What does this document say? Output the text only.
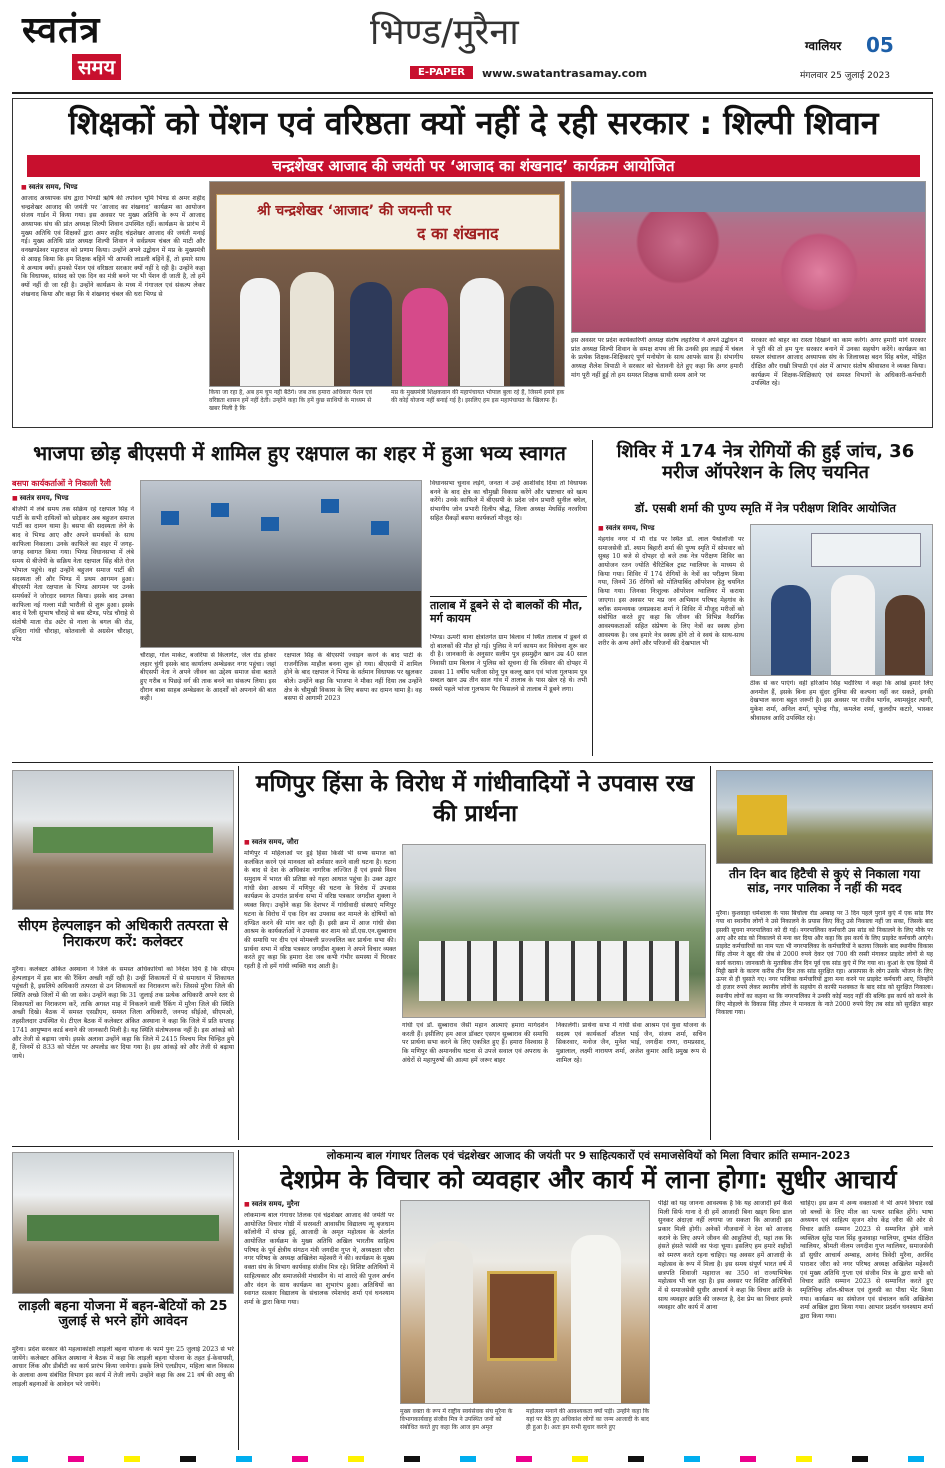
स्वतंत्र
समय
भिण्ड/मुरैना
E-PAPER	www.swatantrasamay.com
ग्वालियर 05
मंगलवार 25 जुलाई 2023
शिक्षकों को पेंशन एवं वरिष्ठता क्यों नहीं दे रही सरकार : शिल्पी शिवान
चन्द्रशेखर आजाद की जयंती पर ‘आजाद का शंखनाद’ कार्यक्रम आयोजित
■ स्वतंत्र समय, भिण्ड
आजाद अध्यापक संघ द्वारा भिण्डी ऋषि की तपोवन भूमि भिण्ड से अमर शहीद चन्द्रशेखर आजाद की जयंती पर ‘आजाद का शंखनाद’ कार्यक्रम का आयोजन संजय गार्डन में किया गया। इस अवसर पर मुख्य अतिथि के रूप में आजाद अध्यापक संघ की प्रांत अध्यक्ष शिल्पी शिवान उपस्थित रहीं। कार्यक्रम के प्रारंभ में मुख्य अतिथि एवं शिक्षकों द्वारा अमर शहीद चंद्रशेखर आजाद की जयंती मनाई गई। मुख्य अतिथि प्रांत अध्यक्ष शिल्पी शिवान ने सर्वप्रथम चंबल की माटी और वनखण्डेश्वर महाराज को प्रणाम किया। उन्होंने अपने उद्बोधन में मप्र के मुख्यमंत्री से आग्रह किया कि हम शिक्षक बहिनें भी आपकी लाडली बहिनें हैं, तो हमारे साथ ये अन्याय क्यों। हमको पेंशन एवं वरिष्ठता सरकार क्यों नहीं दे रही है। उन्होंने कहा कि विधायक, सांसद को एक दिन का मंत्री बनने पर भी पेंशन दी जाती है, तो हमें क्यों नहीं दी जा रही है। उन्होंने कार्यक्रम के मध्य में गंगाजल एवं संकल्प लेकर शंखनाद किया और कहा कि ये शंखनाद चंबल की धरा भिण्ड से
श्री चन्द्रशेखर ‘आजाद’ की जयन्ती पर
द का शंखनाद
किया जा रहा है, अब हम चुप नहीं बैठेंगे। जब तक हमारा अधिकार पेंशन एवं वरिष्ठता शासन हमें नहीं देती। उन्होंने कहा कि हमें कुछ साथियों के माध्यम से खबर मिली है कि
मप्र के मुख्यमंत्री शिक्षकवान की महापंचायत भोपाल बुला रहे हैं, जिसमें हमारे हक की कोई योजना नहीं बनाई गई है। इसलिए हम इस महापंचायत के खिलाफ हैं।
इस अवसर पर प्रदेश कार्यकारिणी अध्यक्ष संतोष लहारिया ने अपने उद्बोधन में प्रांत अध्यक्ष शिल्पी शिवान के समक्ष शपथ ली कि उनकी इस लड़ाई में चंबल के प्रत्येक शिक्षक-शिक्षिकाएं पूर्ण मनोयोग के साथ आपके साथ हैं। संभागीय अध्यक्ष शैलेश त्रिपाठी ने सरकार को चेतावनी देते हुए कहा कि अगर हमारी मांग पूरी नहीं हुई तो हम समस्त शिक्षक साथी समय आने पर
सरकार को बाहर का रास्ता दिखाने का काम करेंगे। अगर हमारी मांगें सरकार ने पूरी की तो हम पुनः सरकार बनाने में उनका सहयोग करेंगे। कार्यक्रम का सफल संचालन आजाद अध्यापक संघ के जिलाध्यक्ष बदन सिंह बघेल, मोहित दीक्षित और राखी त्रिपाठी एवं अंत में आभार संतोष श्रीवास्तव ने व्यक्त किया। कार्यक्रम में शिक्षक-शिक्षिकाएं एवं समस्त विभागों के अधिकारी-कर्मचारी उपस्थित रहे।
भाजपा छोड़ बीएसपी में शामिल हुए रक्षपाल का शहर में हुआ भव्य स्वागत
बसपा कार्यकर्ताओं ने निकाली रैली
■ स्वतंत्र समय, भिण्ड
बीजेपी में लंबे समय तक सक्रिय रहे रक्षपाल सिंह ने पार्टी के सभी दायित्वों को छोड़कर अब बहुजन समाज पार्टी का दामन थामा है। बसपा की सदस्यता लेने के बाद वे भिण्ड आए और अपने समर्थकों के साथ काफिला निकाला। उनके काफिले का शहर में जगह-जगह स्वागत किया गया। भिण्ड विधानसभा में लंबे समय से बीजेपी के सक्रिय नेता रक्षपाल सिंह बीते रोज भोपाल पहुंचे। वहां उन्होंने बहुजन समाज पार्टी की सदस्यता ली और भिण्ड में प्रथम आगमन हुआ। बीएसपी नेता रक्षपाल के भिण्ड आगमन पर उनके समर्थकों ने जोरदार स्वागत किया। इसके बाद उनका काफिला नई गल्ला मंडी भारौली से शुरू हुआ। इसके बाद ये रैली सुभाष चौराहे से बस स्टैण्ड, परेड चौराहे से संतोषी माता रोड अटेर से नाला के बगल की रोड, इन्दिरा गांधी चौराहा, कोतवाली से अग्रसेन चौराहा, परेड
चौराहा, गोल मार्केट, बजरिया से किलागेट, जेल रोड होकर लहार चुंगी इसके बाद कार्यालय अम्बेडकर नगर पहुंचा। जहां बीएसपी नेता ने अपने जीवन का उद्देश्य समाज सेवा बताते हुए गरीब व पिछड़े वर्ग की ताक बनने का संकल्प लिया। इस दौरान बाबा साहब अम्बेडकर के आदर्शों को अपनाने की बात कही।
रक्षपाल सिंह के बीएसपी ज्वाइन करने के बाद पार्टी के राजनीतिक माहौल बनना शुरू हो गया। बीएसपी में शामिल होने के बाद रक्षपाल ने भिण्ड के वर्तमान विधायक पर खुलकर बोले। उन्होंने कहा कि भाजपा ने मौका नहीं दिया तब उन्होंने क्षेत्र के चौमुखी विकास के लिए बसपा का दामन थामा है। वह बसपा से आगामी 2023
विधानसभा चुनाव लड़ेंगे, जनता ने उन्हें आशीर्वाद दिया तो विधायक बनने के बाद क्षेत्र का चौमुखी विकास करेंगे और भ्रष्टाचार को खत्म करेंगे। उनके काफिले में बीएसपी के प्रदेश जोन प्रभारी सुनील बघेल, संभागीय जोन प्रभारी दिलीप बौद्ध, जिला अध्यक्ष मेघसिंह नरवरिया सहित सैकड़ों बसपा कार्यकर्ता मौजूद रहे।
तालाब में डूबने से दो बालकों की मौत, मर्ग कायम
भिण्ड। ऊमरी थाना क्षेत्रांतर्गत ग्राम बिलाव में स्थित तालाब में डूबने से दो बालकों की मौत हो गई। पुलिस ने मर्ग कायम कर विवेचना शुरू कर दी है। जानकारी के अनुसार सलीम पुत्र हसमुद्दीन खान उम्र 40 साल निवासी ग्राम बिलाव ने पुलिस को सूचना दी कि रविवार की दोपहर में उसका 11 वर्षीय भतीजा सोनू पुत्र कल्लू खान एवं भांजा गुलफाम पुत्र सब्दल खान उम्र तीन साल गांव में तालाब के पास खेल रहे थे। तभी सबसे पहले भांजा गुलफाम पैर फिसलने से तालाब में डूबने लगा।
शिविर में 174 नेत्र रोगियों की हुई जांच, 36 मरीज ऑपरेशन के लिए चयनित
डॉ. एसबी शर्मा की पुण्य स्मृति में नेत्र परीक्षण शिविर आयोजित
■ स्वतंत्र समय, भिण्ड
मेहगांव नगर में मौ रोड पर स्थित डॉ. लाल पैथोलॉजी पर समाजसेवी डॉ. श्याम बिहारी शर्मा की पुण्य स्मृति में सोमवार को सुबह 10 बजे से दोपहर दो बजे तक नेत्र परीक्षण शिविर का आयोजन रतन ज्योति चैरिटेबिल ट्रस्ट ग्वालियर के माध्यम से किया गया। शिविर में 174 रोगियों के नेत्रों का परीक्षण किया गया, जिनमें 36 रोगियों को मोतियाबिंद ऑपरेशन हेतु चयनित किया गया। जिनका निःशुल्क ऑपरेशन ग्वालियर में कराया जाएगा। इस अवसर पर मप्र जन अभियान परिषद मेहगांव के ब्लॉक समन्वयक जयप्रकाश शर्मा ने शिविर में मौजूद मरीजों को संबोधित करते हुए कहा कि जीवन की विभिन्न नैसर्गिक आवश्यकताओं सहित संप्रेषण के लिए नेत्रों का स्वस्थ होना आवश्यक है। जब हमारे नेत्र स्वस्थ होंगे तो वे स्वयं के साथ-साथ शरीर के अन्य अंगों और परिजनों की देखभाल भी
ठीक से कर पाएंगे। वहीं हरिओम सिंह भदौरिया ने कहा कि आंखें हमारे लिए अनमोल हैं, इसके बिना हम सुंदर दुनिया की कल्पना नहीं कर सकते, इनकी देखभाल करना बहुत जरूरी है। इस अवसर पर राजीव भार्गव, श्यामसुंदर त्यागी, मुकेश शर्मा, अनिल शर्मा, भूपेन्द्र गौड़, कमलेश शर्मा, कुलदीप कटारे, भास्कर श्रीवास्तव आदि उपस्थित रहे।
सीएम हेल्पलाइन को अधिकारी तत्परता से निराकरण करें: कलेक्टर
मुरैना। कलेक्टर अंकित अस्थाना ने जिले के समस्त अधिकारियों को निर्देश दिये हैं कि सीएम हेल्पलाइन में इस बार की रैंकिंग अच्छी नहीं रही है। उन्हीं शिकायतों में से समाधान में शिकायत पहुंचती है, इसलिये अधिकारी तत्परता से उन शिकायतों का निराकरण करें। जिससे मुरैना जिले की स्थिति अच्छे जिलों में की जा सके। उन्होंने कहा कि 31 जुलाई तक प्रत्येक अधिकारी अपने स्तर से शिकायतों का निराकरण करें, ताकि अगस्त माह में निकलने वाली रैंकिंग में मुरैना जिले की स्थिति अच्छी दिखे। बैठक में समस्त एसडीएम, समस्त जिला अधिकारी, जनपद सीईओ, सीएमओ, तहसीलदार उपस्थित थे। टीएल बैठक में कलेक्टर अंकित अस्थाना ने कहा कि जिले में प्रति सप्ताह 1741 आयुष्मान कार्ड बनाने की जानकारी मिली है। यह स्थिति संतोषजनक नहीं है। इस आंकड़े को और तेजी से बढ़ाया जाये। इसके अलावा उन्होंने कहा कि जिले में 2415 निश्चय मित्र चिन्हित हुये हैं, जिनमें से 833 को पोर्टल पर अपलोड कर दिया गया है। इस आंकड़े को और तेजी से बढ़ाया जाये।
मणिपुर हिंसा के विरोध में गांधीवादियों ने उपवास रख की प्रार्थना
■ स्वतंत्र समय, जौरा
मणिपुर में महिलाओं पर हुई हिंसा किसी भी सभ्य समाज को कलंकित करने एवं मानवता को शर्मसार करने वाली घटना है। घटना के बाद से देश के अधिकांश नागरिक लज्जित हैं एवं इससे विश्व समुदाय में भारत की प्रतिष्ठा को गहरा आघात पहुंचा है। उक्त उद्गार गांधी सेवा आश्रम में मणिपुर की घटना के विरोध में उपवास कार्यक्रम के उपरांत प्रार्थना सभा में वरिष्ठ पत्रकार जगदीश शुक्ला ने व्यक्त किए। उन्होंने कहा कि देशभर में गांधीवादी संस्थाएं मणिपुर घटना के विरोध में एक दिन का उपवास कर मामले के दोषियों को दण्डित करने की मांग कर रही हैं। इसी क्रम में आज गांधी सेवा आश्रम के कार्यकर्ताओं ने उपवास कर शाम को डॉ.एस.एन.सुब्बाराव की समाधि पर दीप एवं मोमबत्ती प्रज्ज्वलित कर प्रार्थना सभा की। प्रार्थना सभा में वरिष्ठ पत्रकार जगदीश शुक्ला ने अपने विचार व्यक्त करते हुए कहा कि हमारा देश जब कभी गंभीर समस्या में घिरकर रहती है तो हमें गांधी व्यक्ति याद आती है।
गांधी एवं डॉ. सुब्बाराव जैसी महान आत्माएं हमारा मार्गदर्शन करती हैं। इसीलिए हम आज डॉक्टर एसएन सुब्बाराव की समाधि पर प्रार्थना सभा करने के लिए एकत्रित हुए हैं। हमारा विश्वास है कि मणिपुर की अमानवीय घटना से उपजे सवाल एवं अपराध के अंधेरों से महापुरुषों की आत्मा हमें जरूर बाहर
निकालेंगी। प्रार्थना सभा में गांधी सेवा आश्रम एवं युवा योजना के सदस्य एवं कार्यकर्ता शीतल भाई जैन, संजय शर्मा, सचिन सिकरवार, मनोज जैन, मुनेश भाई, जगदीश राणा, रामप्रसाद, मुन्नालाल, लक्ष्मी नारायण शर्मा, अजेश कुमार आदि प्रमुख रूप से शामिल रहे।
तीन दिन बाद हिटैची से कुएं से निकाला गया सांड, नगर पालिका ने नहीं की मदद
मुरैना। कुशवाहा धर्मशाला के पास बिचोला रोड अम्बाह पर 3 दिन पहले पुराने कुएं में एक सांड गिर गया था स्थानीय लोगों ने उसे निकालने के प्रयास किए किंतु उसे निकाला नहीं जा सका, जिसके बाद इसकी सूचना नगरपालिका को दी गई। नगरपालिका कर्मचारी उस सांड को निकालने के लिए मौके पर आए और सांड को निकालने से मना कर दिया और कहा कि इस कार्य के लिए प्राइवेट कर्मचारी आएंगे। प्राइवेट कर्मचारियों का नाम पता भी नगरपालिका के कर्मचारियों ने बताया जिसके बाद स्थानीय विकास सिंह तोमर ने खुद की जेब से 2000 रुपये देकर एवं 700 की रस्सी मंगाकर प्राइवेट लोगों से यह कार्य कराया। जानकारी के मुताबिक तीन दिन पूर्व एक सांड कुएं में गिर गया था। कुआं के एक हिस्से में मिट्टी खाने के कारण करीब तीन दिन तक सांड सुरक्षित रहा। आसपास के लोग उसके भोजन के लिए ऊपर से ही घुसाते गए। नगर पालिका कर्मचारियों द्वारा मना करने पर प्राइवेट कर्मचारी आए, जिन्होंने दो हजार रुपये लेकर स्थानीय लोगों के सहयोग से काफी मशक्कत के बाद सांड को सुरक्षित निकाला। स्थानीय लोगों का कहना था कि नगरपालिका ने उनकी कोई मदद नहीं की बल्कि इस कार्य को करने के लिए मोहल्ले के विकास सिंह तोमर ने मानवता के नाते 2000 रुपये दिए तब सांड को सुरक्षित बाहर निकाला गया।
लाड़ली बहना योजना में बहन-बेटियों को 25 जुलाई से भरने होंगे आवेदन
मुरैना। प्रदेश सरकार की महत्वाकांक्षी लाड़ली बहना योजना के फार्म पुनः 25 जुलाई 2023 से भरे जायेंगे। कलेक्टर अंकित अस्थाना ने बैठक में कहा कि लाड़ली बहना योजना के तहत ई-केवायसी, आधार लिंक और डीबीटी का कार्य प्रारंभ किया जायेगा। इसके लिये एलडीएम, महिला बाल विकास के अलावा अन्य संबंधित विभाग इस कार्य में तेजी लायें। उन्होंने कहा कि अब 21 वर्ष की आयु की लाड़ली बहनाओं के आवेदन भरे जायेंगे।
लोकमान्य बाल गंगाधर तिलक एवं चंद्रशेखर आजाद की जयंती पर 9 साहित्यकारों एवं समाजसेवियों को मिला विचार क्रांति सम्मान-2023
देशप्रेम के विचार को व्यवहार और कार्य में लाना होगा: सुधीर आचार्य
■ स्वतंत्र समय, मुरैना
लोकमान्य बाल गंगाधर तिलक एवं चंद्रशेखर आजाद की जयंती पर आयोजित विचार गोष्ठी में सरस्वती आवासीय विद्यालय न्यू बृजधाम कॉलोनी में संपन्न हुई, आजादी के अमृत महोत्सव के अंतर्गत आयोजित कार्यक्रम के मुख्य अतिथि अखिल भारतीय साहित्य परिषद के पूर्व क्षेत्रीय संगठन मंत्री जगदीश गुप्त थे, अध्यक्षता जौरा नगर परिषद के अध्यक्ष अखिलेश महेश्वरी ने की। कार्यक्रम के मुख्य वक्ता संघ के विभाग कार्यवाह संजीव मित्र रहे। विशिष्ट अतिथियों में साहित्यकार और समाजसेवी मंचासीन थे। मां शारदे की पूजन अर्चन और वंदन के साथ कार्यक्रम का शुभारंभ हुआ। अतिथियों का स्वागत सत्कार विद्यालय के संचालक रमेशचंद शर्मा एवं घनश्याम शर्मा के द्वारा किया गया।
मुख्य वक्ता के रूप में राष्ट्रीय स्वयंसेवक संघ मुरैना के विभागकार्यवाह संजीव मित्र ने उपस्थित जनों को संबोधित करते हुए कहा कि आज हम अमृत
महोत्सव मनाने की आवश्यकता क्यों पड़ी। उन्होंने कहा कि यहां पर बैठे हुए अधिकांश लोगों का जन्म आजादी के बाद ही हुआ है। अतः हम सभी सुधार करने हुए
पीढ़ी को यह जानना आवश्यक है कि यह आजादी हमें कैसे मिली सिर्फ गाना दे दी हमें आजादी बिना खड्ग बिना ढाल सुनकर अंदाज़ा नहीं लगाया जा सकता कि आजादी इस प्रकार मिली होगी। अनेकों नौजवानों ने देश को आजाद कराने के लिए अपने जीवन की आहुतियां दी, यहां तक कि हंसते हंसते फांसी का फंदा चूमा। इसलिए हम हमारे शहीदों को स्मरण करते रहना चाहिए। यह अवसर हमें आजादी के महोत्सव के रूप में मिला है। इस समय संपूर्ण भारत वर्ष में छत्रपति शिवाजी महाराज का 350 वां राज्याभिषेक महोत्सव भी चल रहा है। इस अवसर पर विशिष्ट अतिथियों में से समाजसेवी सुधीर आचार्य ने कहा कि विचार क्रांति के साथ व्यवहार क्रांति की जरूरत है, देश प्रेम का विचार हमारे व्यवहार और कार्य में आना
चाहिए। इस क्रम में अन्य वक्ताओं ने भी अपने विचार रखें जो बच्चों के लिए मील का पत्थर साबित होंगे। भाषा अध्ययन एवं साहित्य सृजन शोध केंद्र जौरा की ओर से विचार क्रांति सम्मान 2023 से सम्मानित होने वाले व्यक्तित्व सुरेंद्र पाल सिंह कुशवाहा ग्वालियर, दुष्यंत दीक्षित ग्वालियर, श्रीमती नीलम जगदीश गुप्त ग्वालियर, समाजसेवी डॉ सुधीर आचार्य अम्बाह, आनंद त्रिवेदी मुरैना, अरविंद पाराशर जौरा को नगर परिषद अध्यक्ष अखिलेश महेश्वरी एवं मुख्य अतिथि गुप्ता एवं संजीव मित्र के द्वारा सभी को विचार क्रांति सम्मान 2023 से सम्मानित करते हुए स्मृतिचिन्ह शॉल-श्रीफल एवं तुलसी का पौधा भेंट किया गया। कार्यक्रम का संयोजन एवं संचालन कवि अखिलेश शर्मा अखिल द्वारा किया गया। आभार प्रदर्शन घनश्याम शर्मा द्वारा किया गया।
